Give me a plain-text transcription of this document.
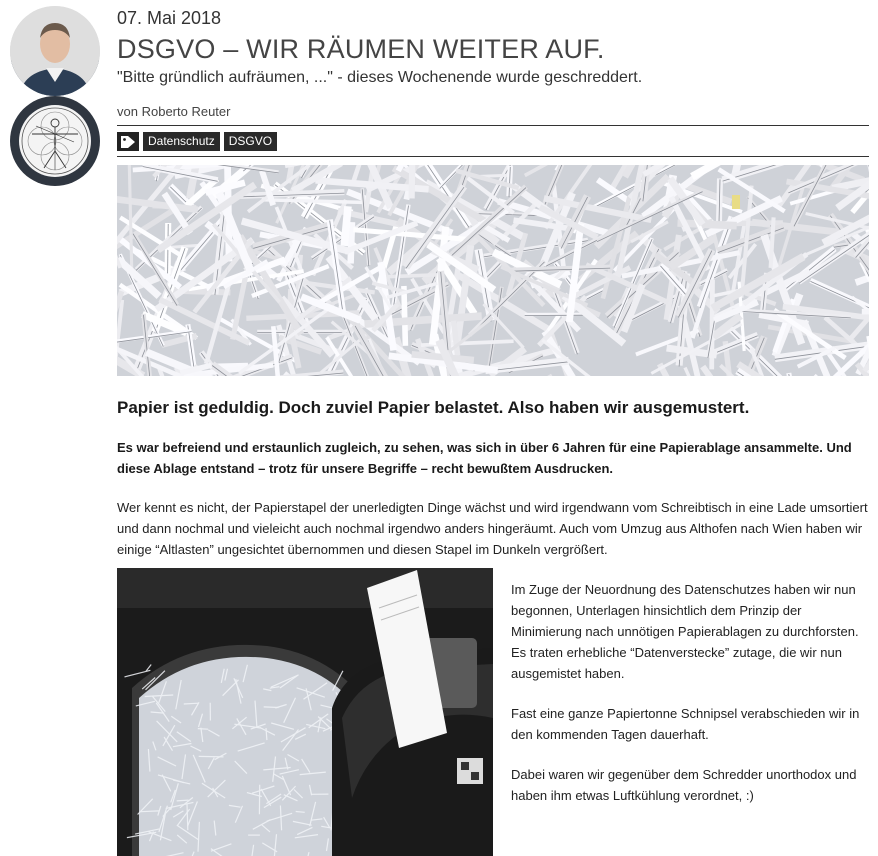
07. Mai 2018
DSGVO – WIR RÄUMEN WEITER AUF.
"Bitte gründlich aufräumen, ..." - dieses Wochenende wurde geschreddert.
von Roberto Reuter
Datenschutz	DSGVO
Papier ist geduldig. Doch zuviel Papier belastet. Also haben wir ausgemustert.

Es war befreiend und erstaunlich zugleich, zu sehen, was sich in über 6 Jahren für eine Papierablage ansammelte. Und diese Ablage entstand – trotz für unsere Begriffe – recht bewußtem Ausdrucken.

Wer kennt es nicht, der Papierstapel der unerledigten Dinge wächst und wird irgendwann vom Schreibtisch in eine Lade umsortiert und dann nochmal und vieleicht auch nochmal irgendwo anders hingeräumt. Auch vom Umzug aus Althofen nach Wien haben wir einige “Altlasten” ungesichtet übernommen und diesen Stapel im Dunkeln vergrößert.

Im Zuge der Neuordnung des Datenschutzes haben wir nun begonnen, Unterlagen hinsichtlich dem Prinzip der Minimierung nach unnötigen Papierablagen zu durchforsten. Es traten erhebliche “Datenverstecke” zutage, die wir nun ausgemistet haben.

Fast eine ganze Papiertonne Schnipsel verabschieden wir in den kommenden Tagen dauerhaft.

Dabei waren wir gegenüber dem Schredder unorthodox und haben ihm etwas Luftkühlung verordnet, :)
